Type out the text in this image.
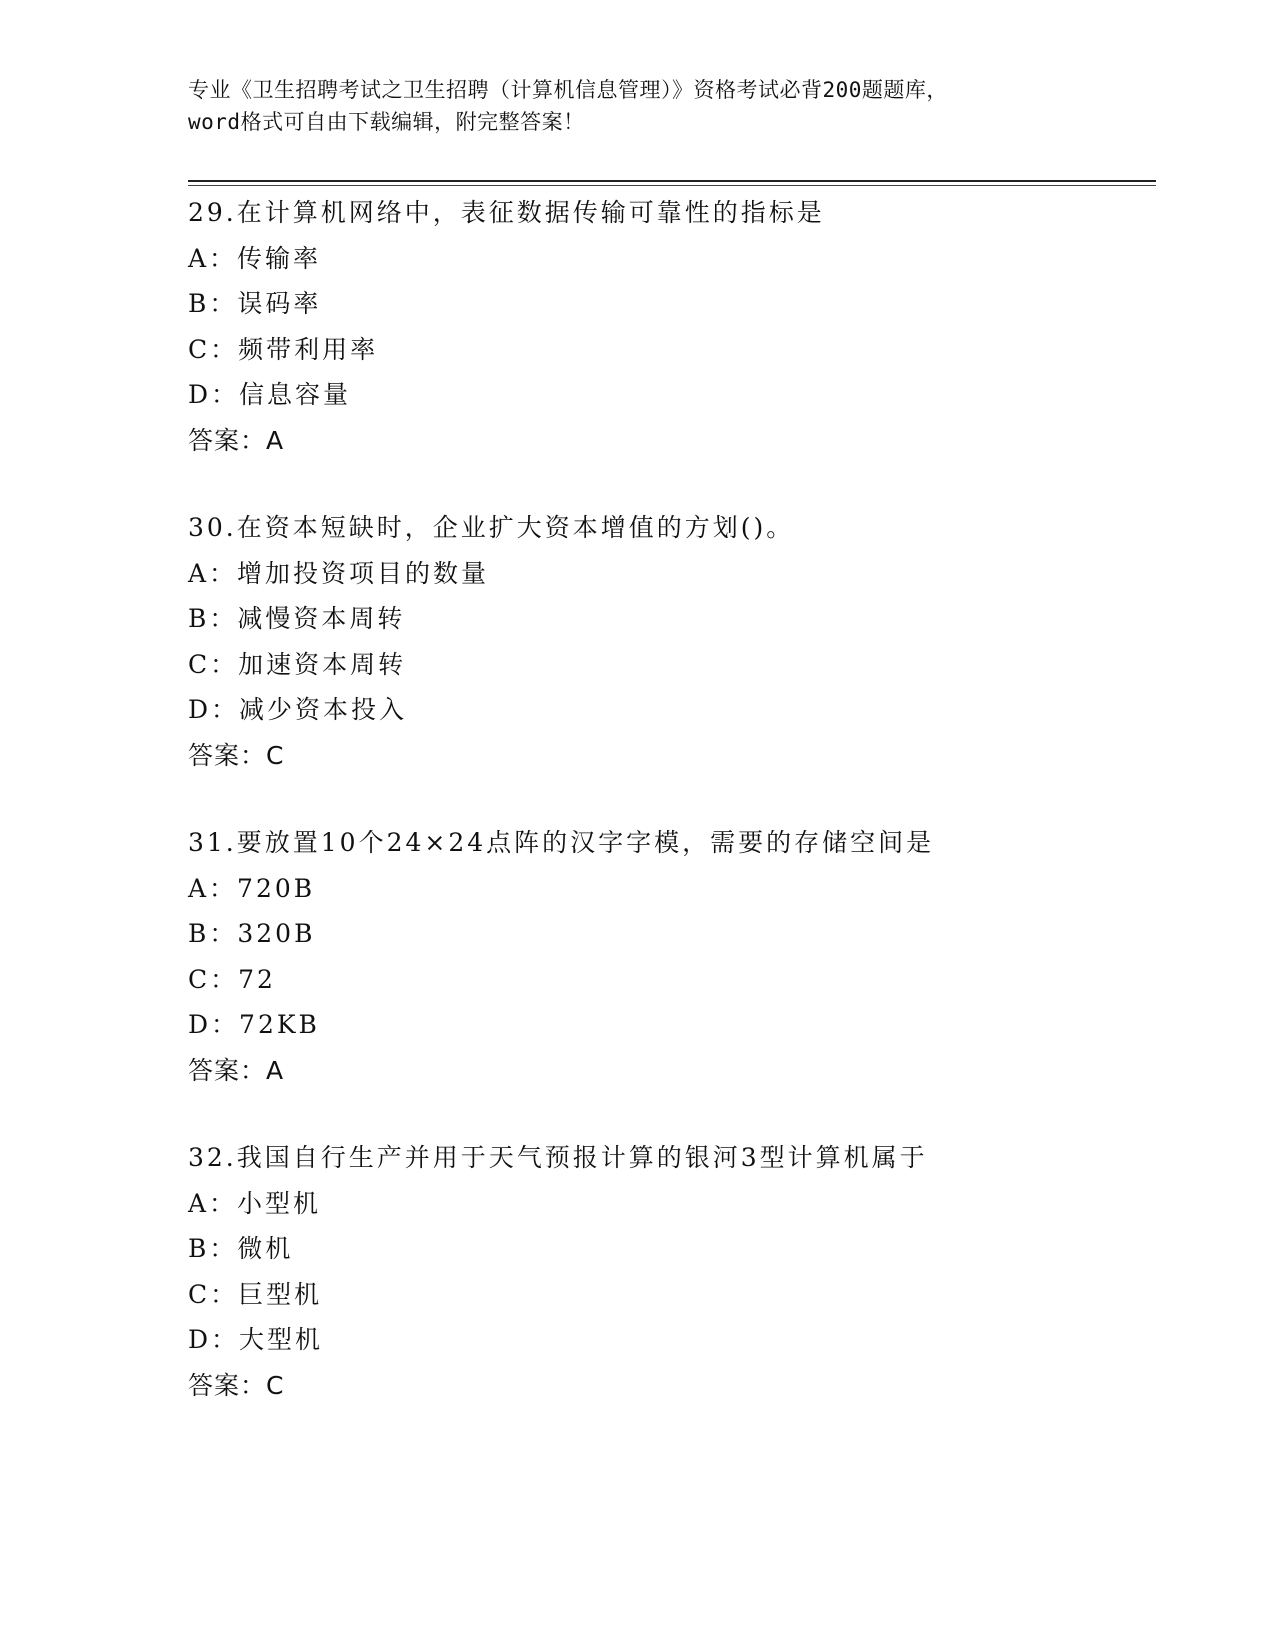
专业《卫生招聘考试之卫生招聘（计算机信息管理）》资格考试必背200题题库，
word格式可自由下载编辑，附完整答案！
29.在计算机网络中，表征数据传输可靠性的指标是
A：传输率
B：误码率
C：频带利用率
D：信息容量
答案：A
30.在资本短缺时，企业扩大资本增值的方划()。
A：增加投资项目的数量
B：减慢资本周转
C：加速资本周转
D：减少资本投入
答案：C
31.要放置10个24×24点阵的汉字字模，需要的存储空间是
A：720B
B：320B
C：72
D：72KB
答案：A
32.我国自行生产并用于天气预报计算的银河3型计算机属于
A：小型机
B：微机
C：巨型机
D：大型机
答案：C
